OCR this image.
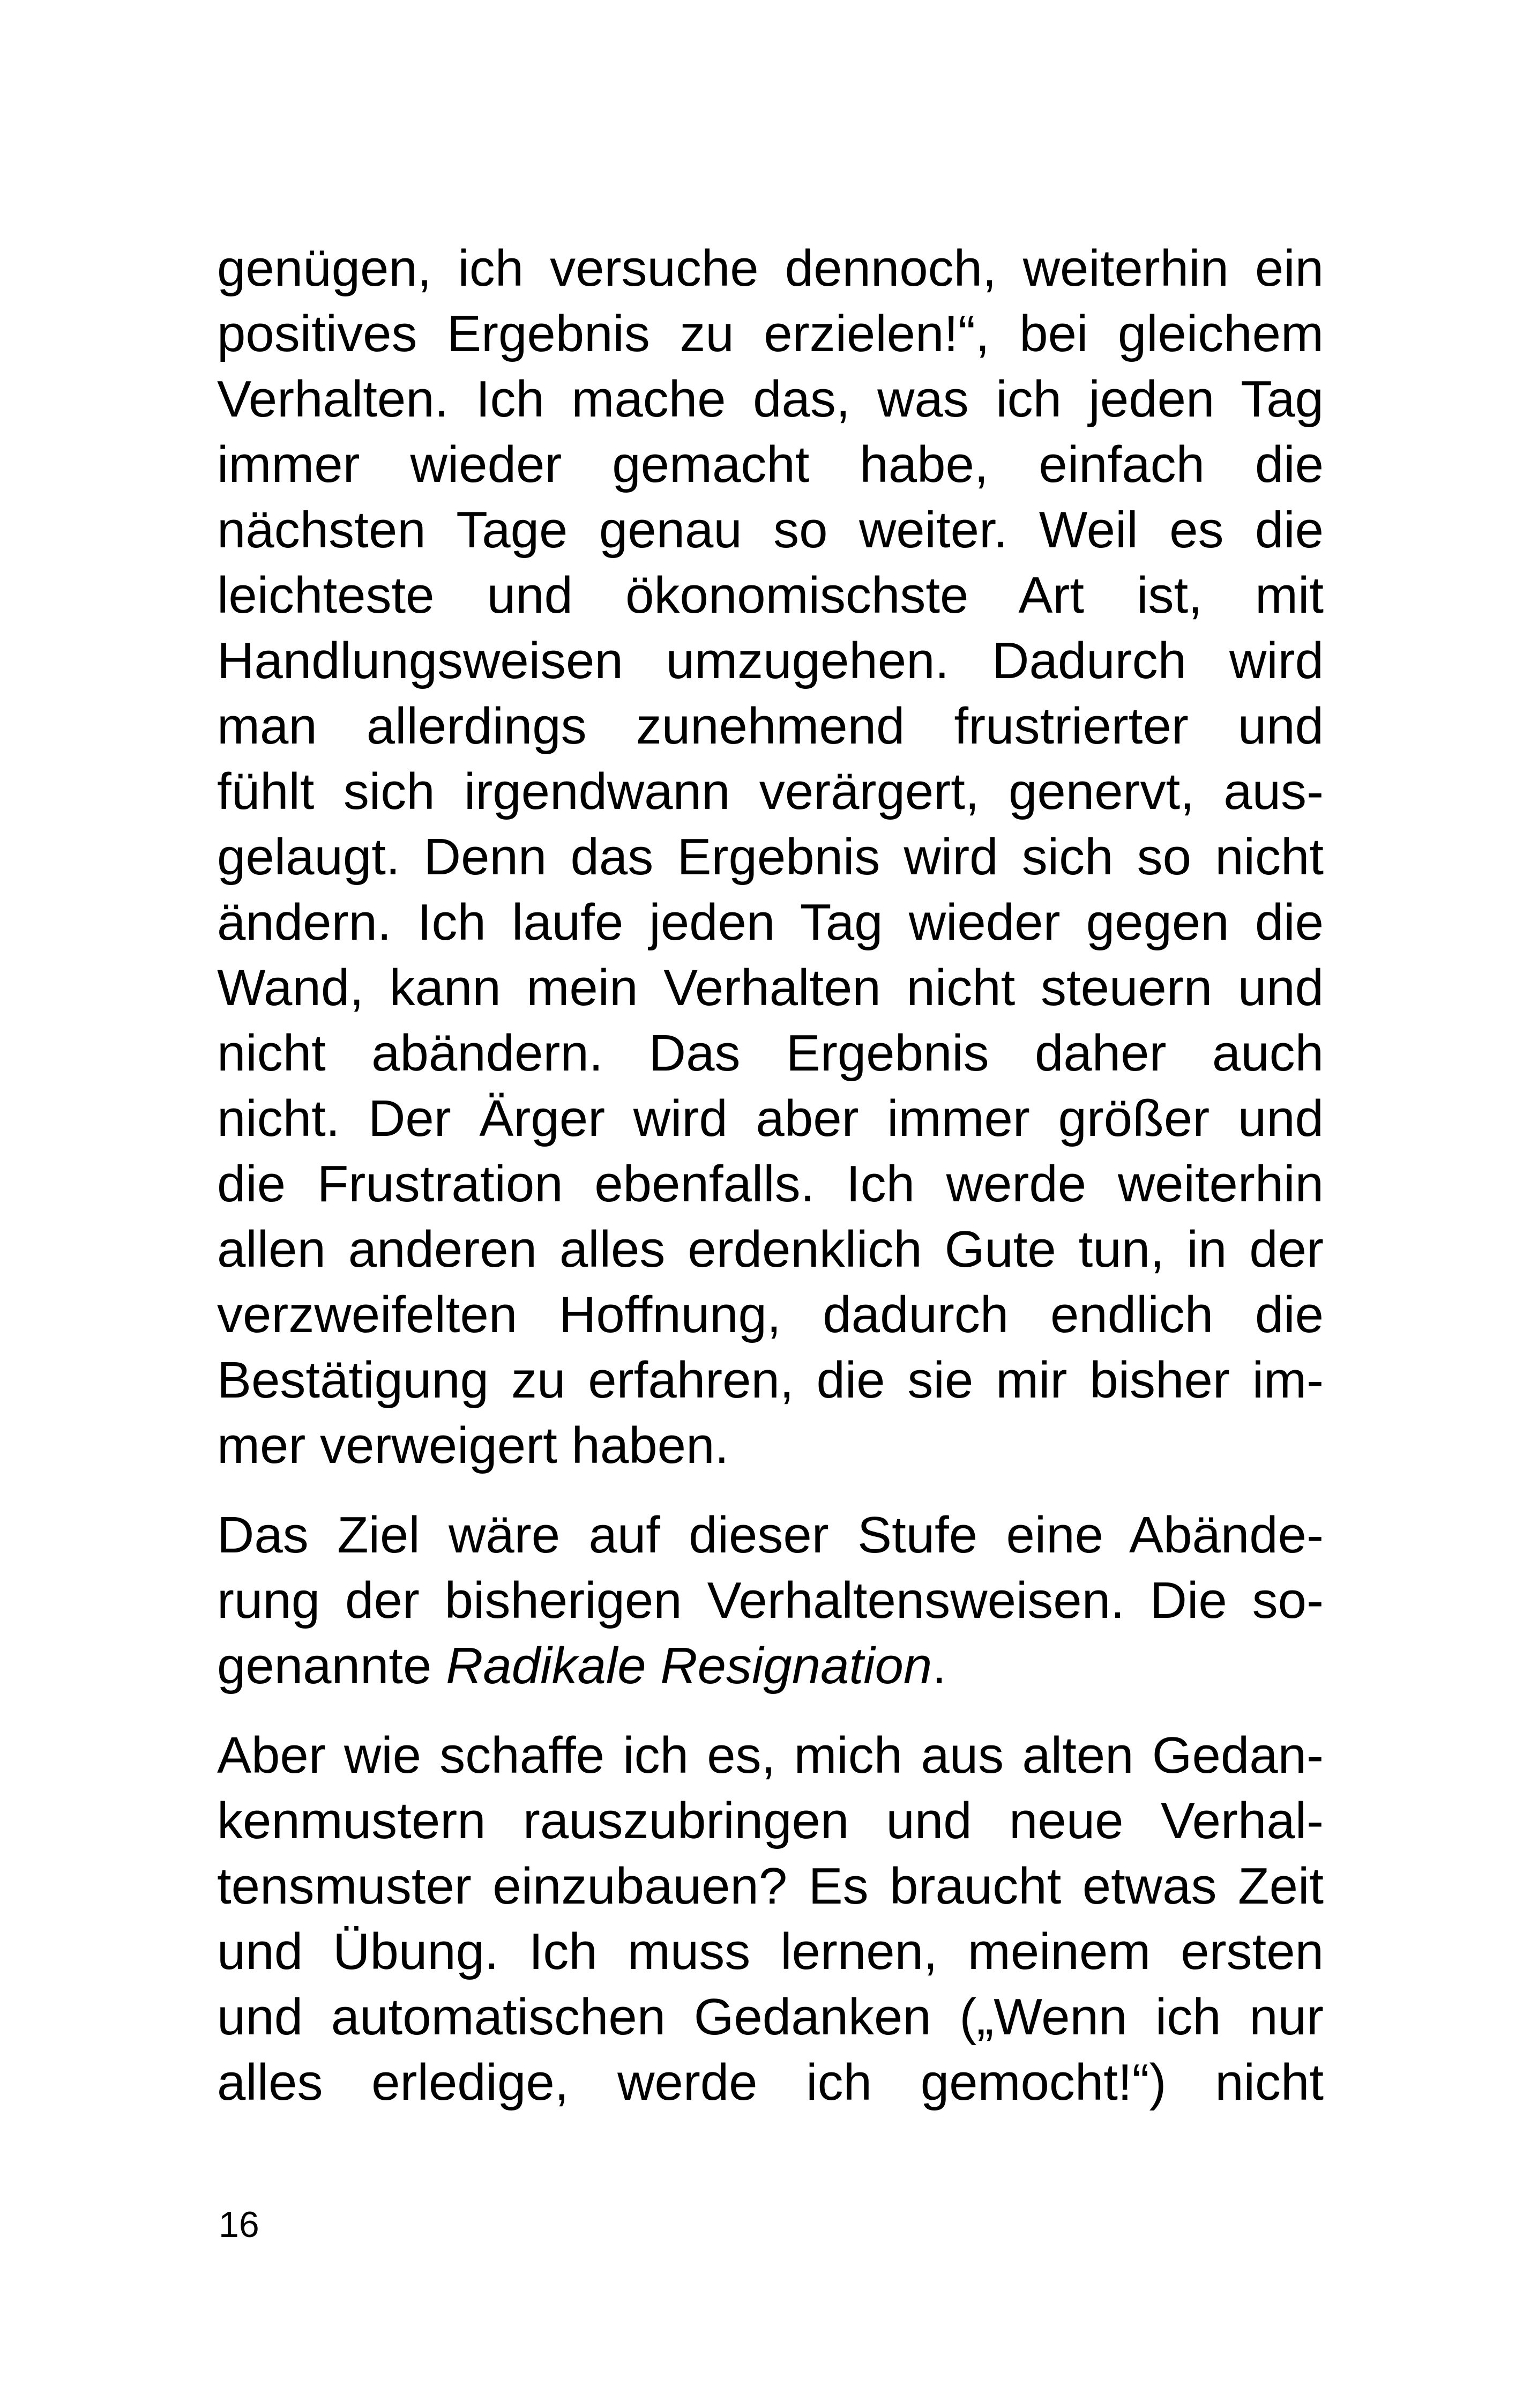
genügen, ich versuche dennoch, weiterhin ein
positives Ergebnis zu erzielen!“, bei gleichem
Verhalten. Ich mache das, was ich jeden Tag
immer wieder gemacht habe, einfach die
nächsten Tage genau so weiter. Weil es die
leichteste und ökonomischste Art ist, mit
Handlungsweisen umzugehen. Dadurch wird
man allerdings zunehmend frustrierter und
fühlt sich irgendwann verärgert, genervt, aus-
gelaugt. Denn das Ergebnis wird sich so nicht
ändern. Ich laufe jeden Tag wieder gegen die
Wand, kann mein Verhalten nicht steuern und
nicht abändern. Das Ergebnis daher auch
nicht. Der Ärger wird aber immer größer und
die Frustration ebenfalls. Ich werde weiterhin
allen anderen alles erdenklich Gute tun, in der
verzweifelten Hoffnung, dadurch endlich die
Bestätigung zu erfahren, die sie mir bisher im-
mer verweigert haben.
Das Ziel wäre auf dieser Stufe eine Abände-
rung der bisherigen Verhaltensweisen. Die so-
genannte Radikale Resignation.
Aber wie schaffe ich es, mich aus alten Gedan-
kenmustern rauszubringen und neue Verhal-
tensmuster einzubauen? Es braucht etwas Zeit
und Übung. Ich muss lernen, meinem ersten
und automatischen Gedanken („Wenn ich nur
alles erledige, werde ich gemocht!“) nicht
16
